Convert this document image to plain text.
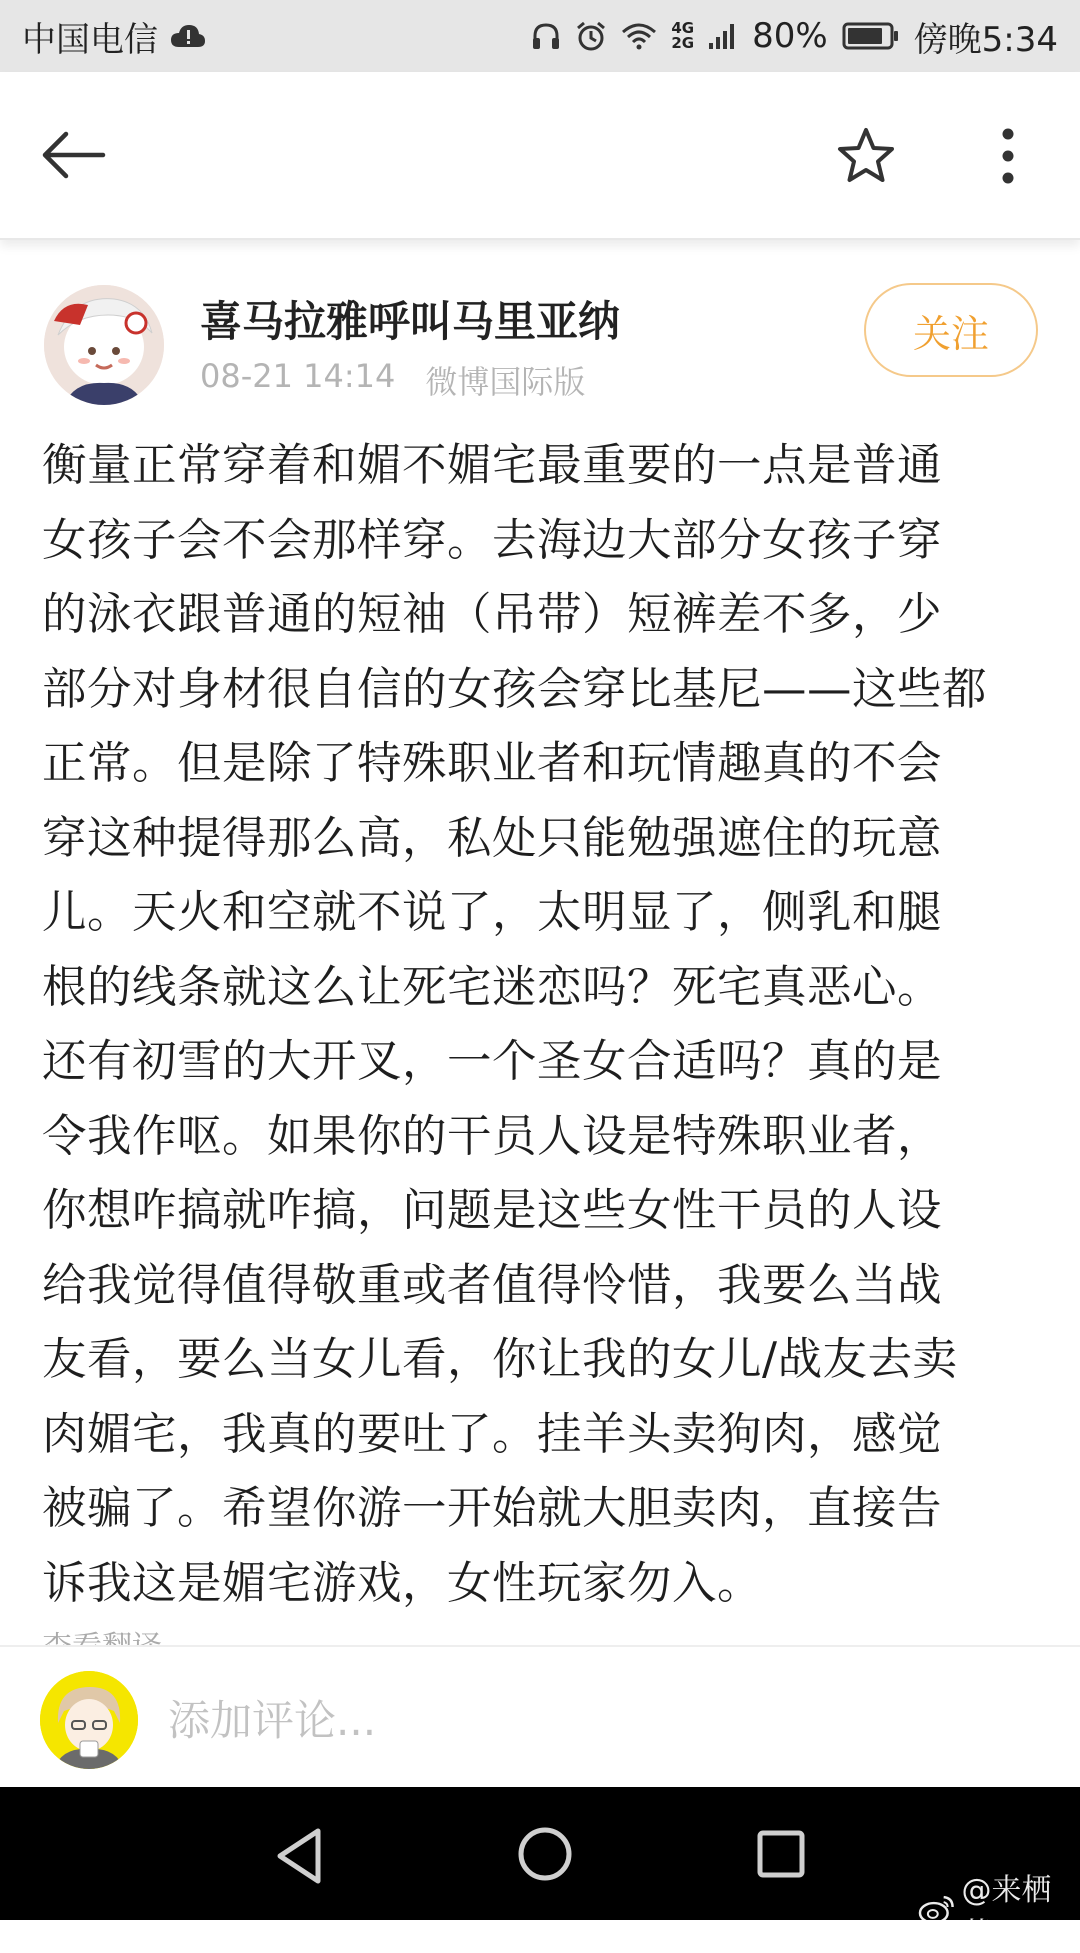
中国电信	4G
2G 80%	傍晚5:34
喜马拉雅呼叫马里亚纳
08-21 14:14 微博国际版
关注
衡量正常穿着和媚不媚宅最重要的一点是普通
女孩子会不会那样穿。去海边大部分女孩子穿
的泳衣跟普通的短袖（吊带）短裤差不多，少
部分对身材很自信的女孩会穿比基尼——这些都
正常。但是除了特殊职业者和玩情趣真的不会
穿这种提得那么高，私处只能勉强遮住的玩意
儿。天火和空就不说了，太明显了，侧乳和腿
根的线条就这么让死宅迷恋吗？死宅真恶心。
还有初雪的大开叉，一个圣女合适吗？真的是
令我作呕。如果你的干员人设是特殊职业者，
你想咋搞就咋搞，问题是这些女性干员的人设
给我觉得值得敬重或者值得怜惜，我要么当战
友看，要么当女儿看，你让我的女儿/战友去卖
肉媚宅，我真的要吐了。挂羊头卖狗肉，感觉
被骗了。希望你游一开始就大胆卖肉，直接告
诉我这是媚宅游戏，女性玩家勿入。
添加评论...
@来栖蓝
